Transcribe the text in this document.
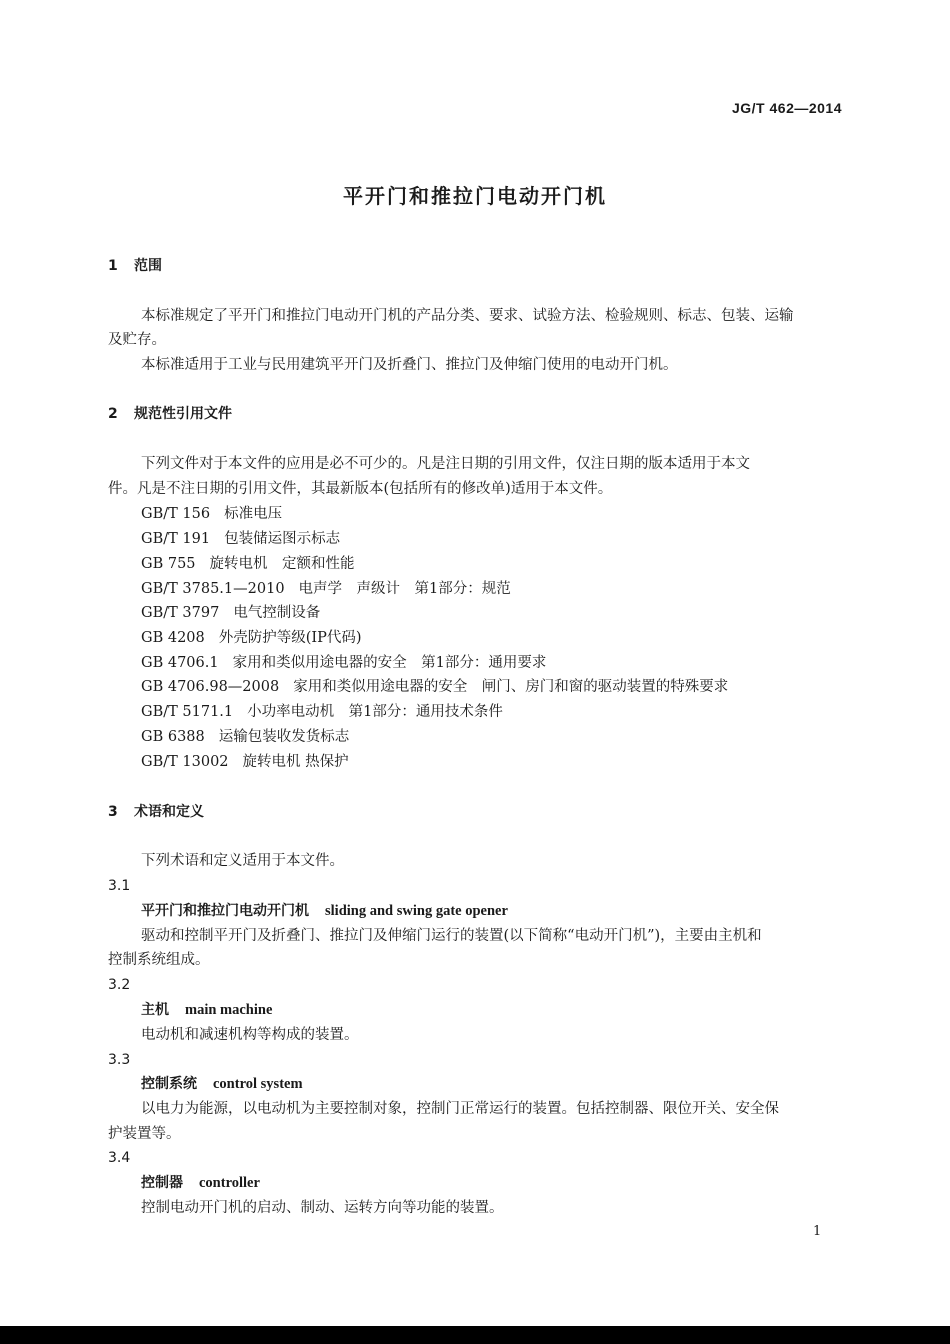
JG/T 462—2014
平开门和推拉门电动开门机
1 范围
本标准规定了平开门和推拉门电动开门机的产品分类、要求、试验方法、检验规则、标志、包装、运输
及贮存。
本标准适用于工业与民用建筑平开门及折叠门、推拉门及伸缩门使用的电动开门机。
2 规范性引用文件
下列文件对于本文件的应用是必不可少的。凡是注日期的引用文件，仅注日期的版本适用于本文
件。凡是不注日期的引用文件，其最新版本(包括所有的修改单)适用于本文件。
GB/T 156 标准电压
GB/T 191 包装储运图示标志
GB 755 旋转电机　定额和性能
GB/T 3785.1—2010 电声学　声级计　第1部分：规范
GB/T 3797 电气控制设备
GB 4208 外壳防护等级(IP代码)
GB 4706.1 家用和类似用途电器的安全　第1部分：通用要求
GB 4706.98—2008 家用和类似用途电器的安全　闸门、房门和窗的驱动装置的特殊要求
GB/T 5171.1 小功率电动机　第1部分：通用技术条件
GB 6388 运输包装收发货标志
GB/T 13002 旋转电机 热保护
3 术语和定义
下列术语和定义适用于本文件。
3.1
平开门和推拉门电动开门机 sliding and swing gate opener
驱动和控制平开门及折叠门、推拉门及伸缩门运行的装置(以下简称“电动开门机”)，主要由主机和
控制系统组成。
3.2
主机 main machine
电动机和减速机构等构成的装置。
3.3
控制系统 control system
以电力为能源，以电动机为主要控制对象，控制门正常运行的装置。包括控制器、限位开关、安全保
护装置等。
3.4
控制器 controller
控制电动开门机的启动、制动、运转方向等功能的装置。
1
